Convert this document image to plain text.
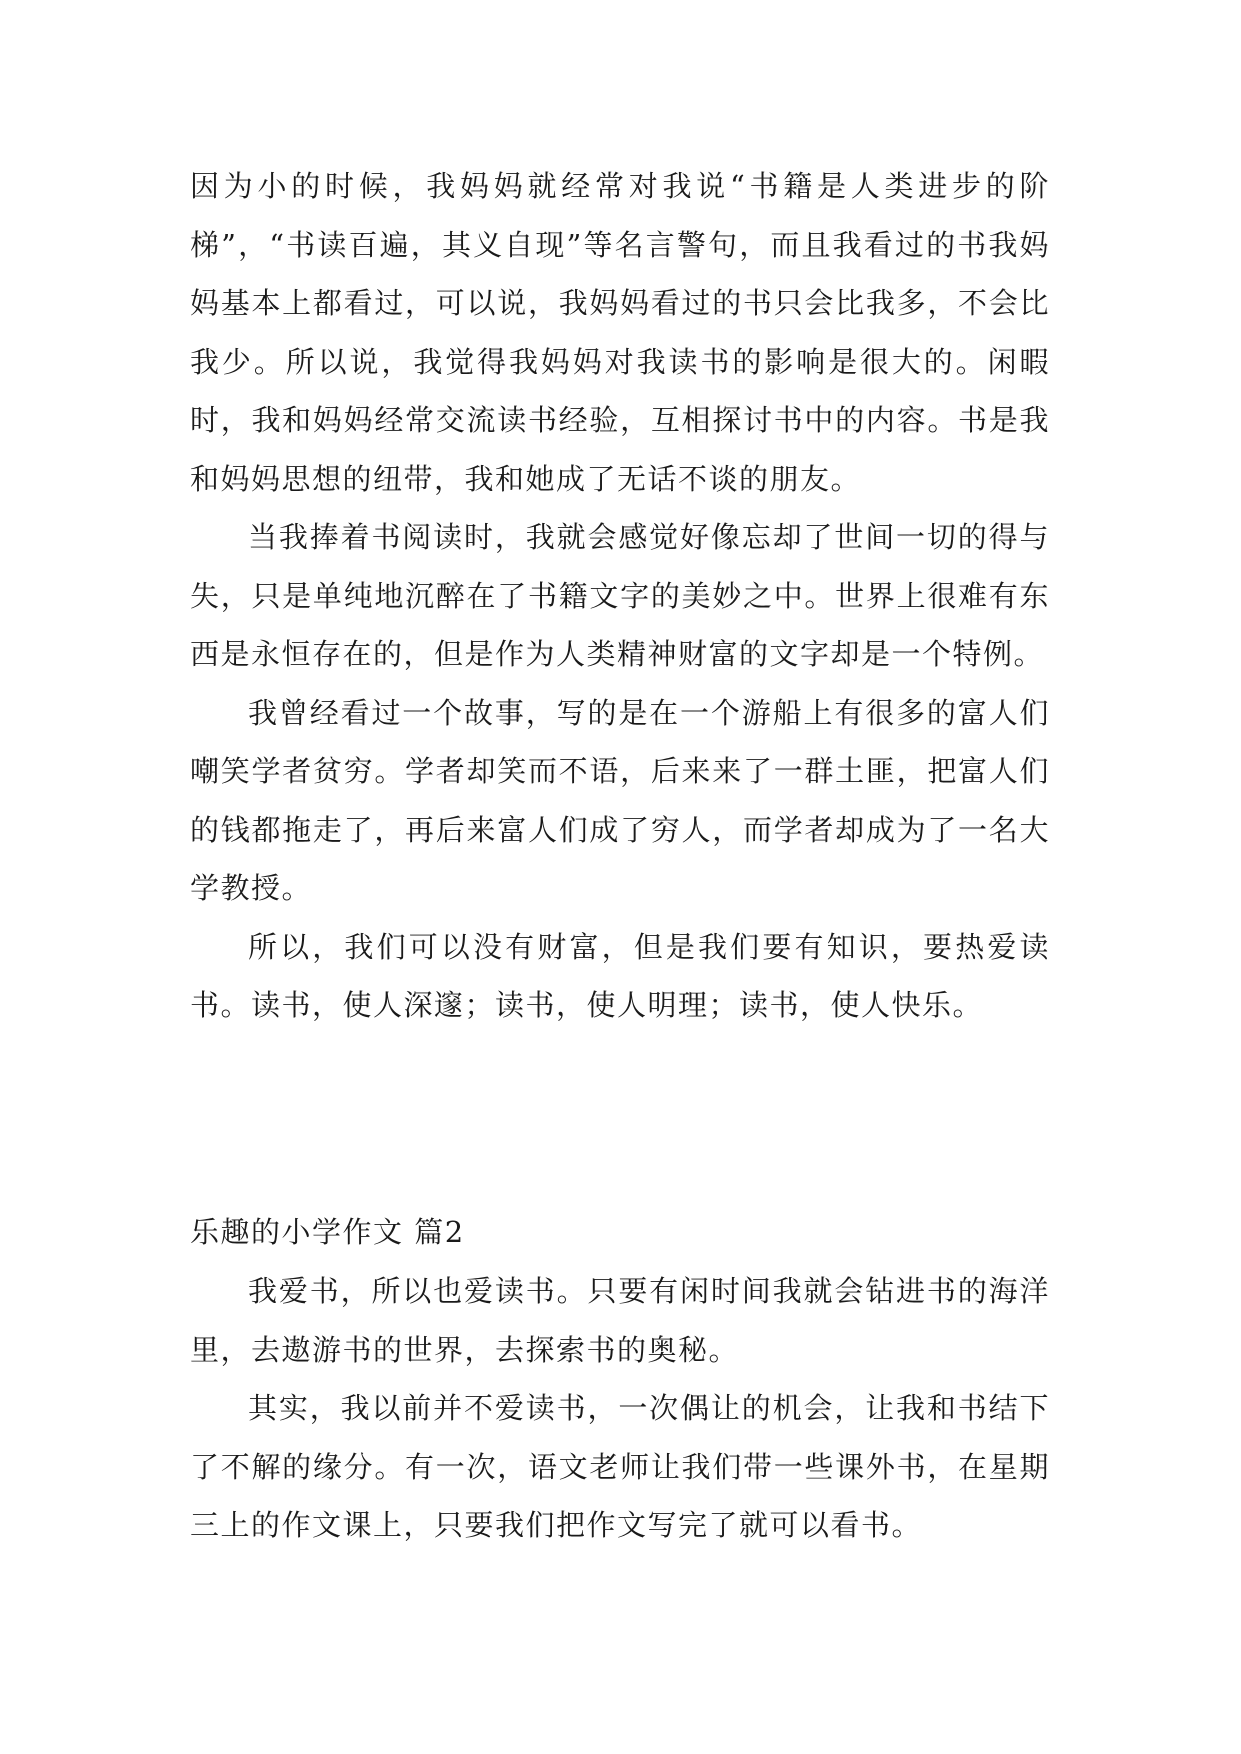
因为小的时候，我妈妈就经常对我说“书籍是人类进步的阶梯”，“书读百遍，其义自现”等名言警句，而且我看过的书我妈妈基本上都看过，可以说，我妈妈看过的书只会比我多，不会比我少。所以说，我觉得我妈妈对我读书的影响是很大的。闲暇时，我和妈妈经常交流读书经验，互相探讨书中的内容。书是我和妈妈思想的纽带，我和她成了无话不谈的朋友。

当我捧着书阅读时，我就会感觉好像忘却了世间一切的得与失，只是单纯地沉醉在了书籍文字的美妙之中。世界上很难有东西是永恒存在的，但是作为人类精神财富的文字却是一个特例。

我曾经看过一个故事，写的是在一个游船上有很多的富人们嘲笑学者贫穷。学者却笑而不语，后来来了一群土匪，把富人们的钱都拖走了，再后来富人们成了穷人，而学者却成为了一名大学教授。

所以，我们可以没有财富，但是我们要有知识，要热爱读书。读书，使人深邃；读书，使人明理；读书，使人快乐。

乐趣的小学作文 篇2

我爱书，所以也爱读书。只要有闲时间我就会钻进书的海洋里，去遨游书的世界，去探索书的奥秘。

其实，我以前并不爱读书，一次偶让的机会，让我和书结下了不解的缘分。有一次，语文老师让我们带一些课外书，在星期三上的作文课上，只要我们把作文写完了就可以看书。
